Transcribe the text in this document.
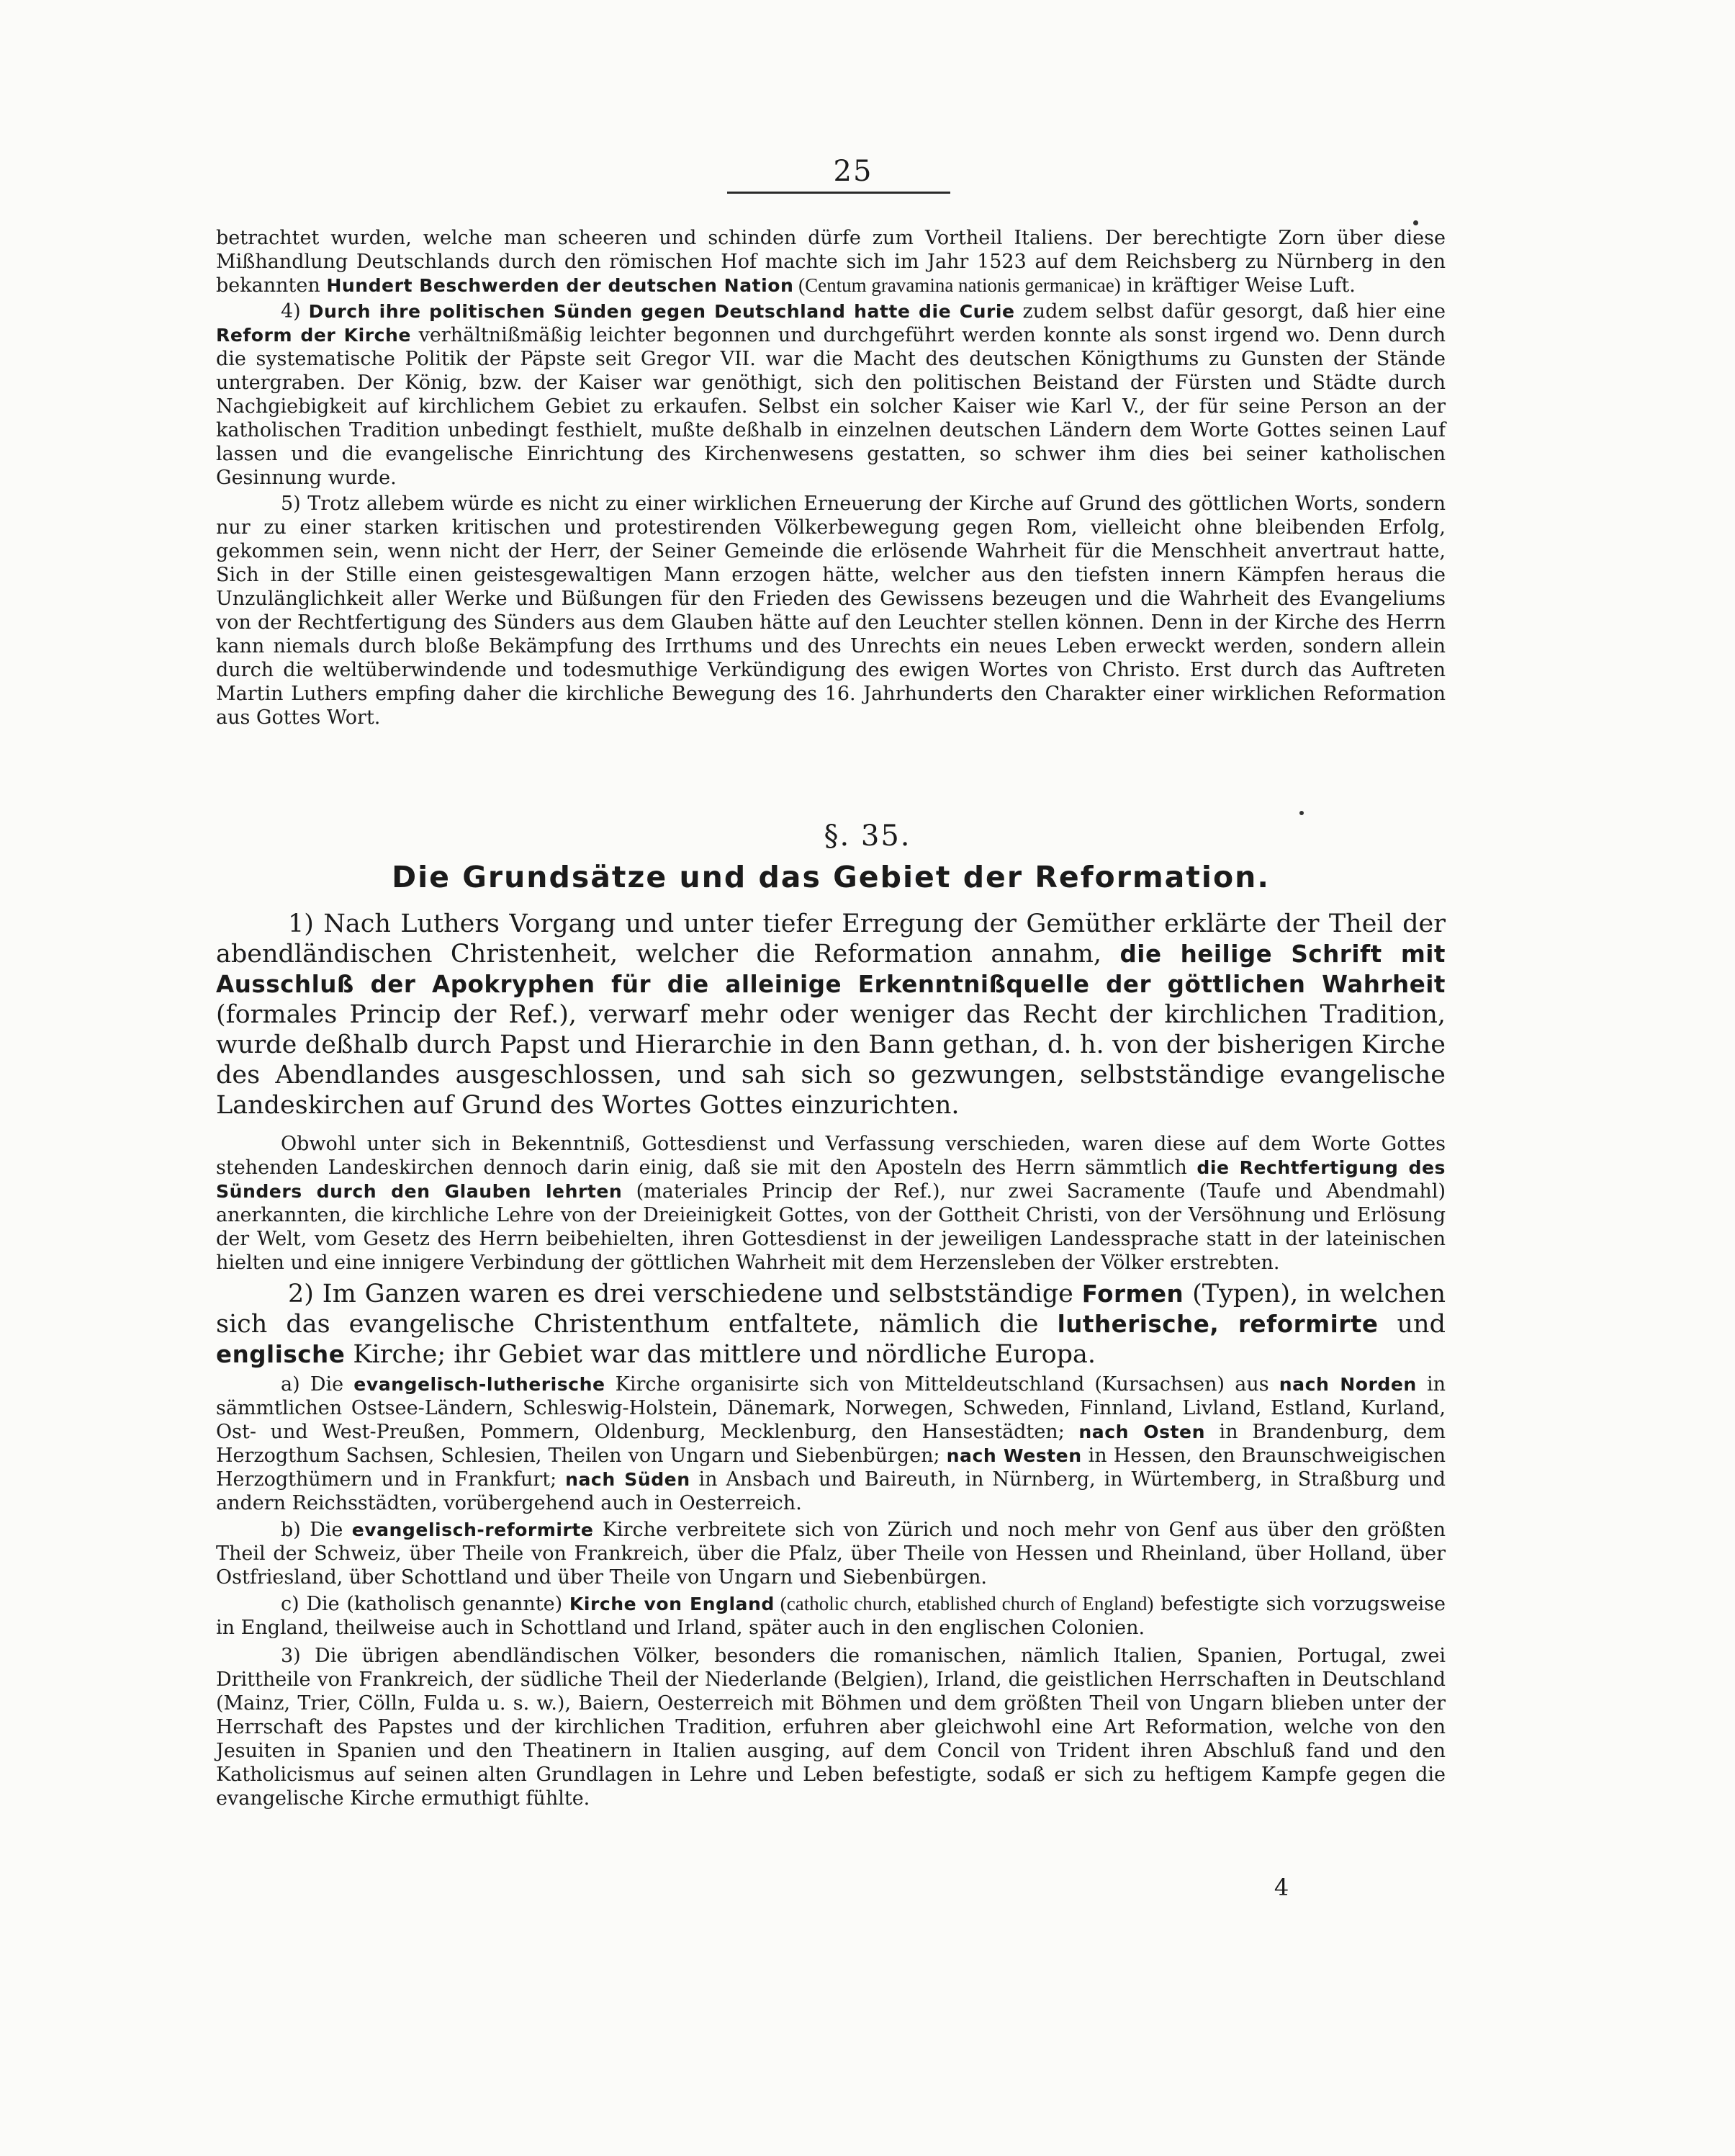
25

betrachtet wurden, welche man scheeren und schinden dürfe zum Vortheil Italiens. Der berechtigte Zorn über diese Mißhandlung Deutschlands durch den römischen Hof machte sich im Jahr 1523 auf dem Reichsberg zu Nürnberg in den bekannten Hundert Beschwerden der deutschen Nation (Centum gravamina nationis germanicae) in kräftiger Weise Luft.

4) Durch ihre politischen Sünden gegen Deutschland hatte die Curie zudem selbst dafür gesorgt, daß hier eine Reform der Kirche verhältnißmäßig leichter begonnen und durchgeführt werden konnte als sonst irgend wo. Denn durch die systematische Politik der Päpste seit Gregor VII. war die Macht des deutschen Königthums zu Gunsten der Stände untergraben. Der König, bzw. der Kaiser war genöthigt, sich den politischen Beistand der Fürsten und Städte durch Nachgiebigkeit auf kirchlichem Gebiet zu erkaufen. Selbst ein solcher Kaiser wie Karl V., der für seine Person an der katholischen Tradition unbedingt festhielt, mußte deßhalb in einzelnen deutschen Ländern dem Worte Gottes seinen Lauf lassen und die evangelische Einrichtung des Kirchenwesens gestatten, so schwer ihm dies bei seiner katholischen Gesinnung wurde.

5) Trotz allebem würde es nicht zu einer wirklichen Erneuerung der Kirche auf Grund des göttlichen Worts, sondern nur zu einer starken kritischen und protestirenden Völkerbewegung gegen Rom, vielleicht ohne bleibenden Erfolg, gekommen sein, wenn nicht der Herr, der Seiner Gemeinde die erlösende Wahrheit für die Menschheit anvertraut hatte, Sich in der Stille einen geistesgewaltigen Mann erzogen hätte, welcher aus den tiefsten innern Kämpfen heraus die Unzulänglichkeit aller Werke und Büßungen für den Frieden des Gewissens bezeugen und die Wahrheit des Evangeliums von der Rechtfertigung des Sünders aus dem Glauben hätte auf den Leuchter stellen können. Denn in der Kirche des Herrn kann niemals durch bloße Bekämpfung des Irrthums und des Unrechts ein neues Leben erweckt werden, sondern allein durch die weltüberwindende und todesmuthige Verkündigung des ewigen Wortes von Christo. Erst durch das Auftreten Martin Luthers empfing daher die kirchliche Bewegung des 16. Jahrhunderts den Charakter einer wirklichen Reformation aus Gottes Wort.

§. 35.
Die Grundsätze und das Gebiet der Reformation.

1) Nach Luthers Vorgang und unter tiefer Erregung der Gemüther erklärte der Theil der abendländischen Christenheit, welcher die Reformation annahm, die heilige Schrift mit Ausschluß der Apokryphen für die alleinige Erkenntnißquelle der göttlichen Wahrheit (formales Princip der Ref.), verwarf mehr oder weniger das Recht der kirchlichen Tradition, wurde deßhalb durch Papst und Hierarchie in den Bann gethan, d. h. von der bisherigen Kirche des Abendlandes ausgeschlossen, und sah sich so gezwungen, selbstständige evangelische Landeskirchen auf Grund des Wortes Gottes einzurichten.

Obwohl unter sich in Bekenntniß, Gottesdienst und Verfassung verschieden, waren diese auf dem Worte Gottes stehenden Landeskirchen dennoch darin einig, daß sie mit den Aposteln des Herrn sämmtlich die Rechtfertigung des Sünders durch den Glauben lehrten (materiales Princip der Ref.), nur zwei Sacramente (Taufe und Abendmahl) anerkannten, die kirchliche Lehre von der Dreieinigkeit Gottes, von der Gottheit Christi, von der Versöhnung und Erlösung der Welt, vom Gesetz des Herrn beibehielten, ihren Gottesdienst in der jeweiligen Landessprache statt in der lateinischen hielten und eine innigere Verbindung der göttlichen Wahrheit mit dem Herzensleben der Völker erstrebten.

2) Im Ganzen waren es drei verschiedene und selbstständige Formen (Typen), in welchen sich das evangelische Christenthum entfaltete, nämlich die lutherische, reformirte und englische Kirche; ihr Gebiet war das mittlere und nördliche Europa.

a) Die evangelisch-lutherische Kirche organisirte sich von Mitteldeutschland (Kursachsen) aus nach Norden in sämmtlichen Ostsee-Ländern, Schleswig-Holstein, Dänemark, Norwegen, Schweden, Finnland, Livland, Estland, Kurland, Ost- und West-Preußen, Pommern, Oldenburg, Mecklenburg, den Hansestädten; nach Osten in Brandenburg, dem Herzogthum Sachsen, Schlesien, Theilen von Ungarn und Siebenbürgen; nach Westen in Hessen, den Braunschweigischen Herzogthümern und in Frankfurt; nach Süden in Ansbach und Baireuth, in Nürnberg, in Würtemberg, in Straßburg und andern Reichsstädten, vorübergehend auch in Oesterreich.

b) Die evangelisch-reformirte Kirche verbreitete sich von Zürich und noch mehr von Genf aus über den größten Theil der Schweiz, über Theile von Frankreich, über die Pfalz, über Theile von Hessen und Rheinland, über Holland, über Ostfriesland, über Schottland und über Theile von Ungarn und Siebenbürgen.

c) Die (katholisch genannte) Kirche von England (catholic church, etablished church of England) befestigte sich vorzugsweise in England, theilweise auch in Schottland und Irland, später auch in den englischen Colonien.

3) Die übrigen abendländischen Völker, besonders die romanischen, nämlich Italien, Spanien, Portugal, zwei Drittheile von Frankreich, der südliche Theil der Niederlande (Belgien), Irland, die geistlichen Herrschaften in Deutschland (Mainz, Trier, Cölln, Fulda u. s. w.), Baiern, Oesterreich mit Böhmen und dem größten Theil von Ungarn blieben unter der Herrschaft des Papstes und der kirchlichen Tradition, erfuhren aber gleichwohl eine Art Reformation, welche von den Jesuiten in Spanien und den Theatinern in Italien ausging, auf dem Concil von Trident ihren Abschluß fand und den Katholicismus auf seinen alten Grundlagen in Lehre und Leben befestigte, sodaß er sich zu heftigem Kampfe gegen die evangelische Kirche ermuthigt fühlte.

4
